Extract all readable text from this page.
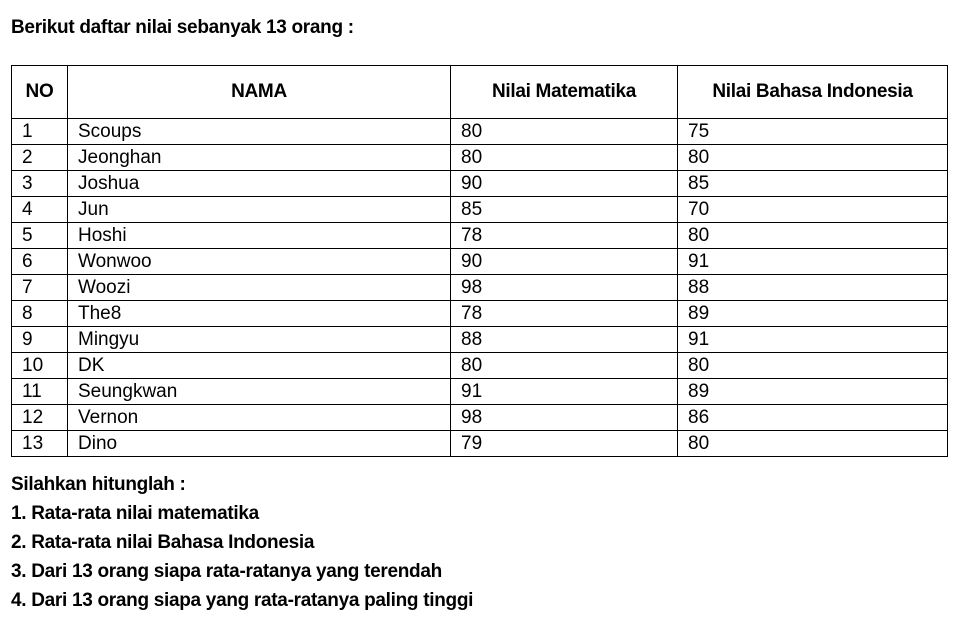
Berikut daftar nilai sebanyak 13 orang :
NO	NAMA	Nilai Matematika	Nilai Bahasa Indonesia
1	Scoups	80	75
2	Jeonghan	80	80
3	Joshua	90	85
4	Jun	85	70
5	Hoshi	78	80
6	Wonwoo	90	91
7	Woozi	98	88
8	The8	78	89
9	Mingyu	88	91
10	DK	80	80
11	Seungkwan	91	89
12	Vernon	98	86
13	Dino	79	80
Silahkan hitunglah :
1. Rata-rata nilai matematika
2. Rata-rata nilai Bahasa Indonesia
3. Dari 13 orang siapa rata-ratanya yang terendah
4. Dari 13 orang siapa yang rata-ratanya paling tinggi
